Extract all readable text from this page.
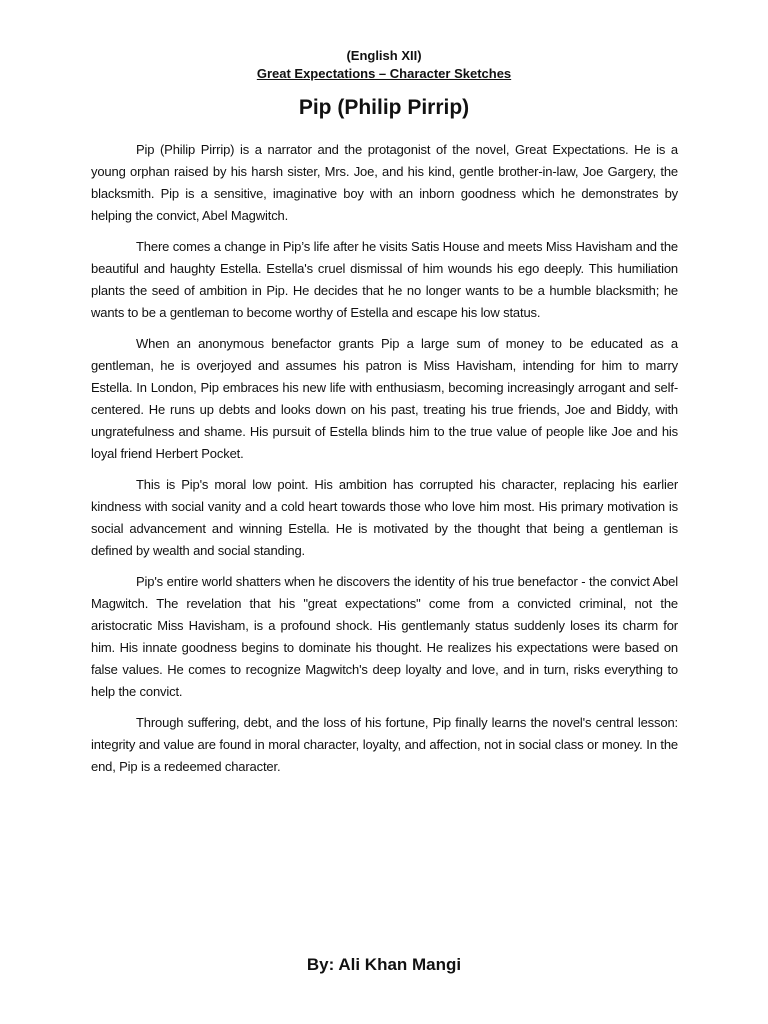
(English XII)
Great Expectations – Character Sketches
Pip (Philip Pirrip)

Pip (Philip Pirrip) is a narrator and the protagonist of the novel, Great Expectations. He is a young orphan raised by his harsh sister, Mrs. Joe, and his kind, gentle brother-in-law, Joe Gargery, the blacksmith. Pip is a sensitive, imaginative boy with an inborn goodness which he demonstrates by helping the convict, Abel Magwitch.

There comes a change in Pip’s life after he visits Satis House and meets Miss Havisham and the beautiful and haughty Estella. Estella's cruel dismissal of him wounds his ego deeply. This humiliation plants the seed of ambition in Pip. He decides that he no longer wants to be a humble blacksmith; he wants to be a gentleman to become worthy of Estella and escape his low status.

When an anonymous benefactor grants Pip a large sum of money to be educated as a gentleman, he is overjoyed and assumes his patron is Miss Havisham, intending for him to marry Estella. In London, Pip embraces his new life with enthusiasm, becoming increasingly arrogant and self-centered. He runs up debts and looks down on his past, treating his true friends, Joe and Biddy, with ungratefulness and shame. His pursuit of Estella blinds him to the true value of people like Joe and his loyal friend Herbert Pocket.

This is Pip's moral low point. His ambition has corrupted his character, replacing his earlier kindness with social vanity and a cold heart towards those who love him most. His primary motivation is social advancement and winning Estella. He is motivated by the thought that being a gentleman is defined by wealth and social standing.

Pip's entire world shatters when he discovers the identity of his true benefactor - the convict Abel Magwitch. The revelation that his "great expectations" come from a convicted criminal, not the aristocratic Miss Havisham, is a profound shock. His gentlemanly status suddenly loses its charm for him. His innate goodness begins to dominate his thought. He realizes his expectations were based on false values. He comes to recognize Magwitch's deep loyalty and love, and in turn, risks everything to help the convict.

Through suffering, debt, and the loss of his fortune, Pip finally learns the novel's central lesson: integrity and value are found in moral character, loyalty, and affection, not in social class or money. In the end, Pip is a redeemed character.

By: Ali Khan Mangi
